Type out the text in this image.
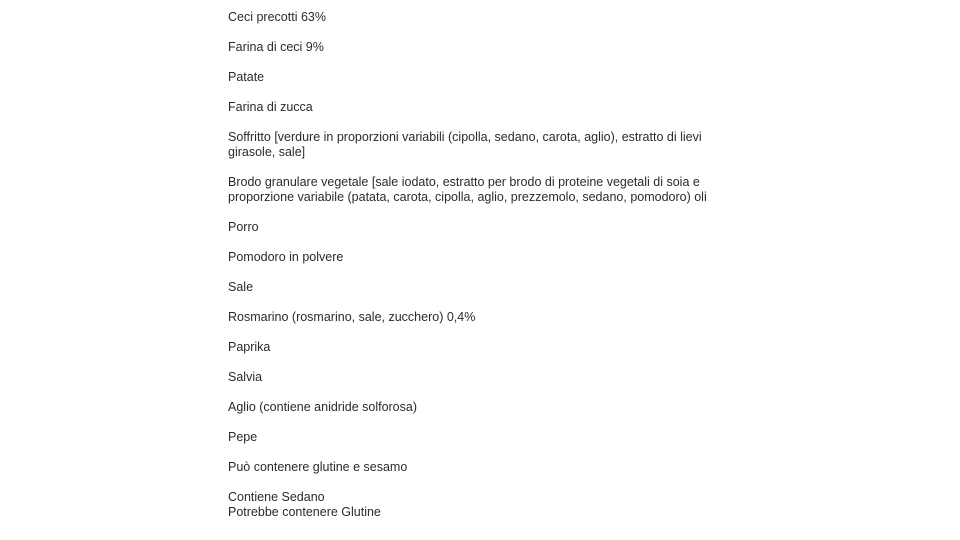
Ceci precotti 63%
Farina di ceci 9%
Patate
Farina di zucca
Soffritto [verdure in proporzioni variabili (cipolla, sedano, carota, aglio), estratto di lievi
girasole, sale]
Brodo granulare vegetale [sale iodato, estratto per brodo di proteine vegetali di soia e
proporzione variabile (patata, carota, cipolla, aglio, prezzemolo, sedano, pomodoro) oli
Porro
Pomodoro in polvere
Sale
Rosmarino (rosmarino, sale, zucchero) 0,4%
Paprika
Salvia
Aglio (contiene anidride solforosa)
Pepe
Può contenere glutine e sesamo
Contiene Sedano
Potrebbe contenere Glutine
